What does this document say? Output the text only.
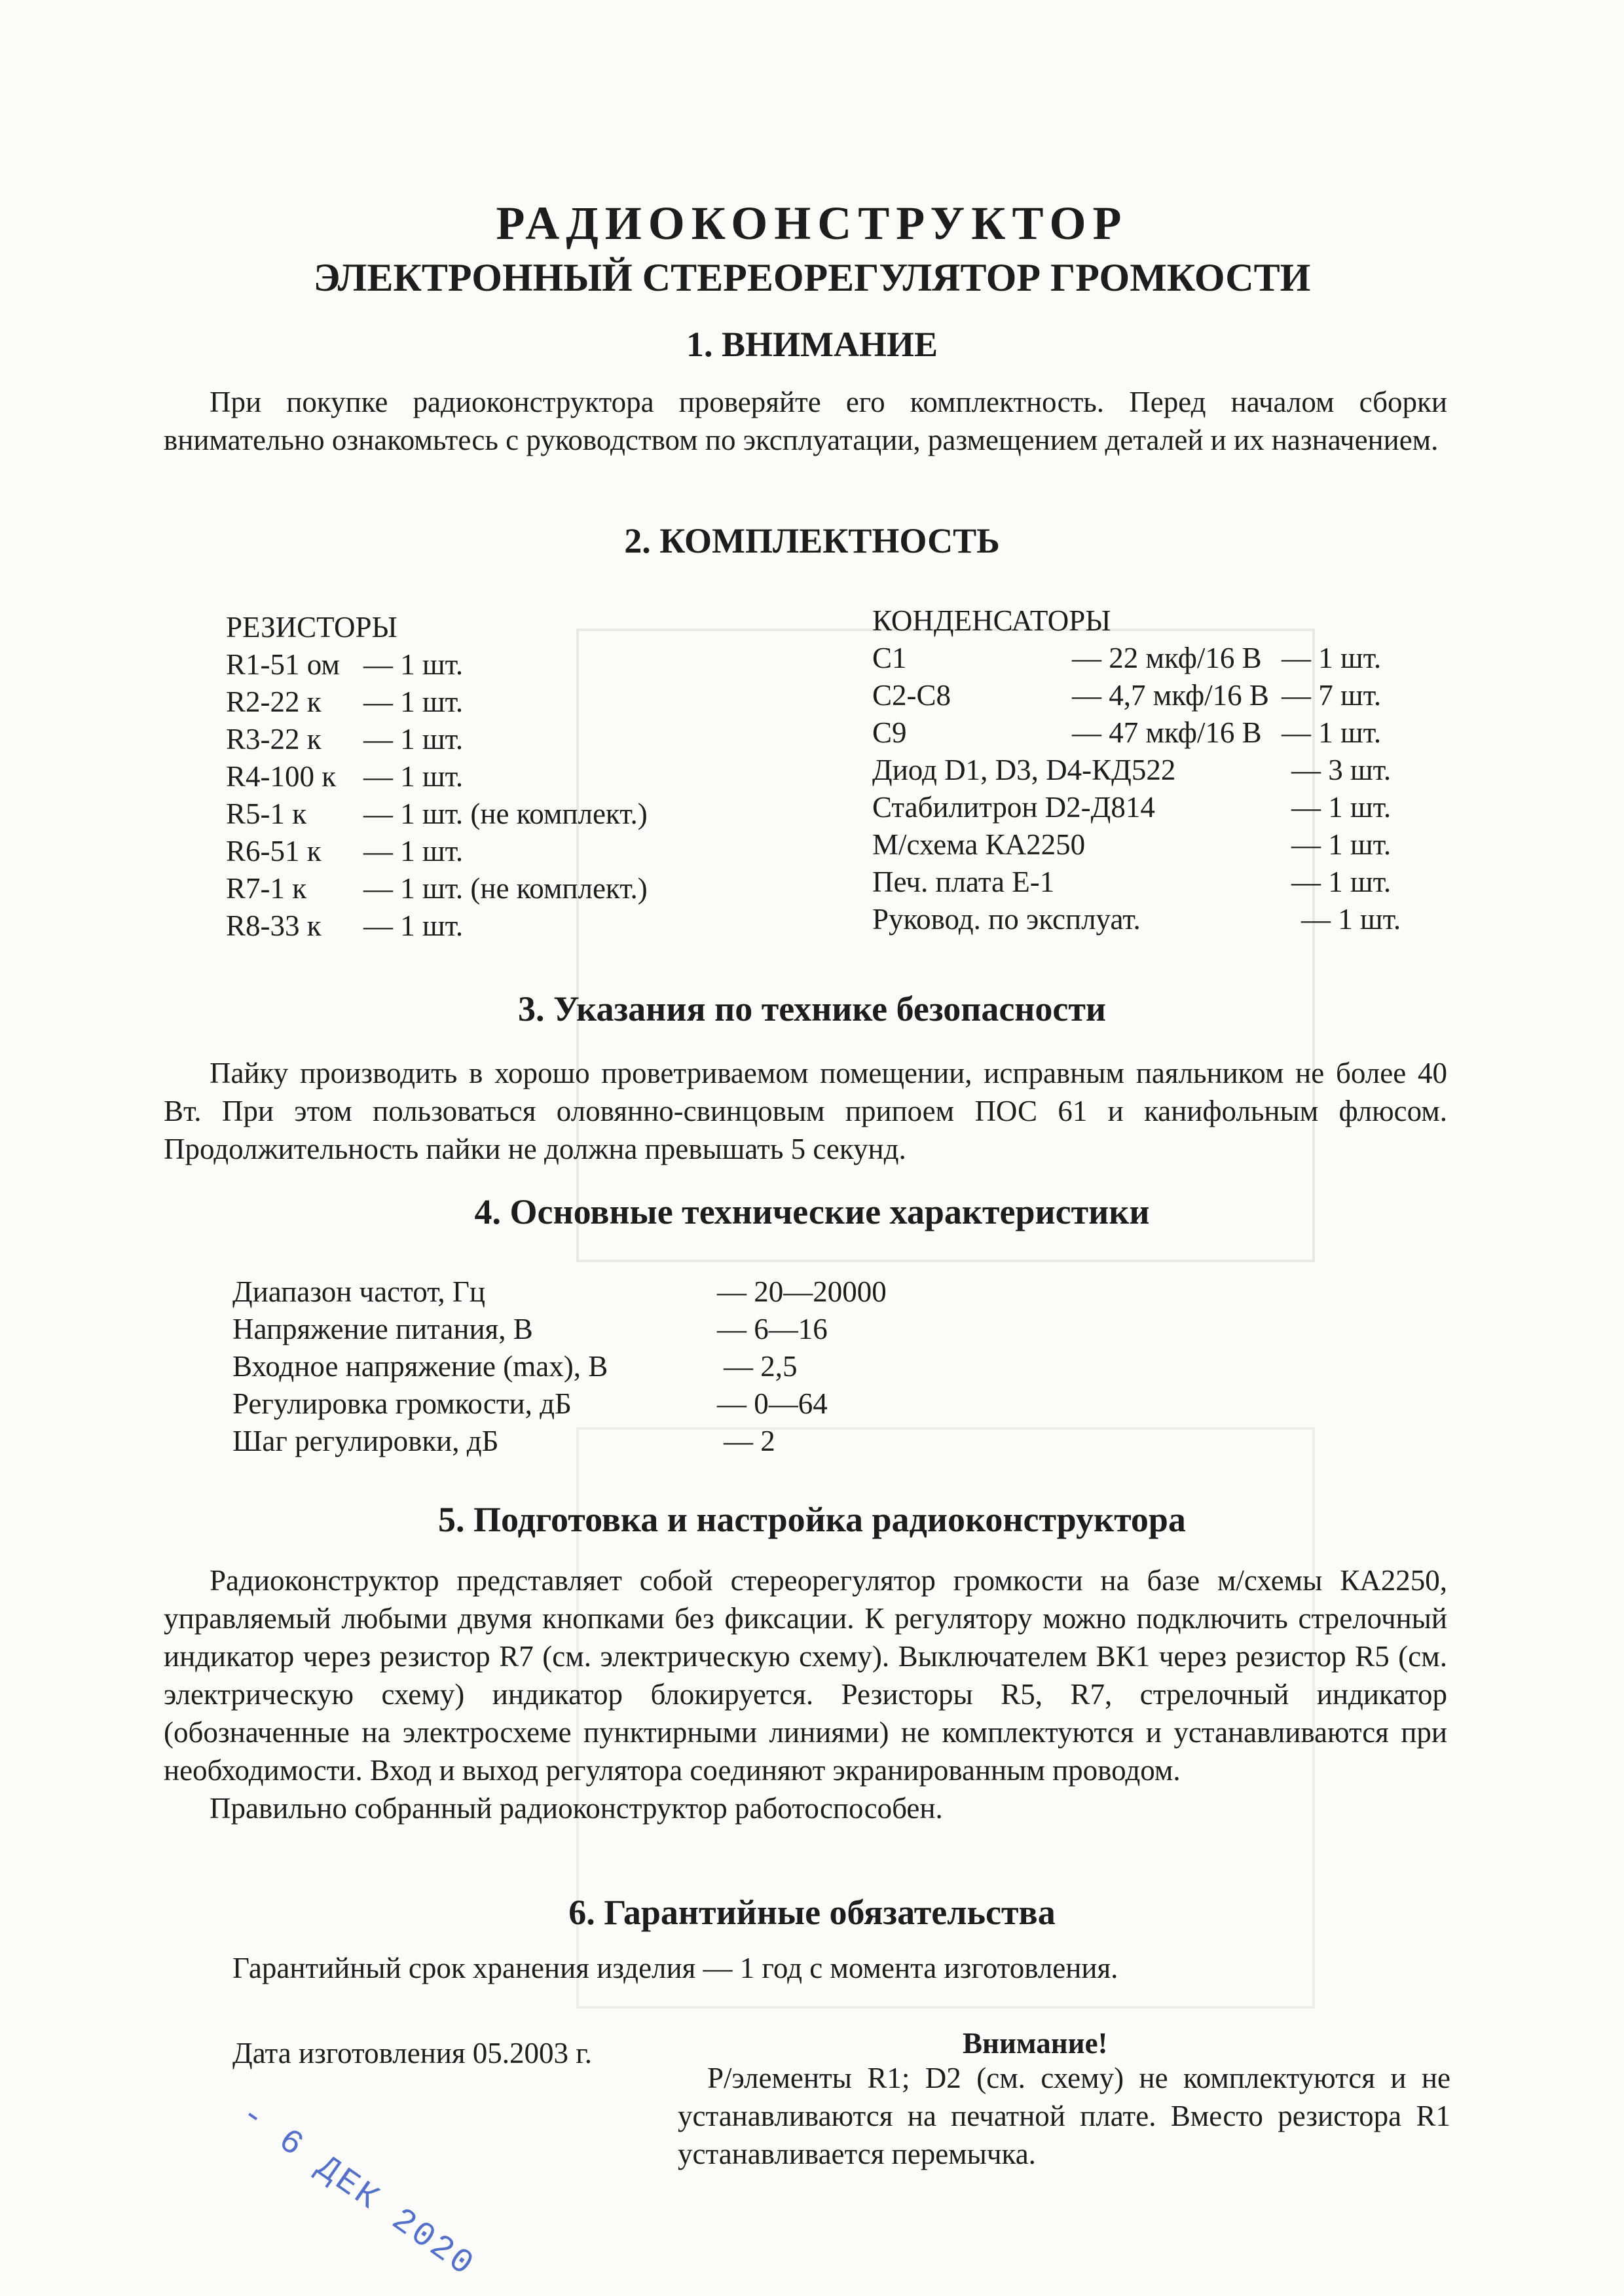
РАДИОКОНСТРУКТОР
ЭЛЕКТРОННЫЙ СТЕРЕОРЕГУЛЯТОР ГРОМКОСТИ
1. ВНИМАНИЕ

При покупке радиоконструктора проверяйте его комплектность. Перед началом сборки внимательно ознакомьтесь с руководством по эксплуатации, размещением деталей и их назначением.

2. КОМПЛЕКТНОСТЬ
РЕЗИСТОРЫ
R1-51 ом — 1 шт.
R2-22 к — 1 шт.
R3-22 к — 1 шт.
R4-100 к — 1 шт.
R5-1 к — 1 шт. (не комплект.)
R6-51 к — 1 шт.
R7-1 к — 1 шт. (не комплект.)
R8-33 к — 1 шт.
КОНДЕНСАТОРЫ
C1	— 22 мкф/16 В — 1 шт.
C2-C8	— 4,7 мкф/16 В — 7 шт.
C9	— 47 мкф/16 В — 1 шт.
Диод D1, D3, D4-КД522	— 3 шт.
Стабилитрон D2-Д814	— 1 шт.
М/схема КА2250	— 1 шт.
Печ. плата Е-1	— 1 шт.
Руковод. по эксплуат.	— 1 шт.
3. Указания по технике безопасности

Пайку производить в хорошо проветриваемом помещении, исправным паяльником не более 40 Вт. При этом пользоваться оловянно-свинцовым припоем ПОС 61 и канифольным флюсом. Продолжительность пайки не должна превышать 5 секунд.

4. Основные технические характеристики
Диапазон частот, Гц	— 20—20000
Напряжение питания, В	— 6—16
Входное напряжение (max), В	— 2,5
Регулировка громкости, дБ	— 0—64
Шаг регулировки, дБ	— 2
5. Подготовка и настройка радиоконструктора

Радиоконструктор представляет собой стереорегулятор громкости на базе м/схемы КА2250, управляемый любыми двумя кнопками без фиксации. К регулятору можно подключить стрелочный индикатор через резистор R7 (см. электрическую схему). Выключателем ВК1 через резистор R5 (см. электрическую схему) индикатор блокируется. Резисторы R5, R7, стрелочный индикатор (обозначенные на электросхеме пунктирными линиями) не комплектуются и устанавливаются при необходимости. Вход и выход регулятора соединяют экранированным проводом.

Правильно собранный радиоконструктор работоспособен.

6. Гарантийные обязательства
Гарантийный срок хранения изделия — 1 год с момента изготовления.
Дата изготовления 05.2003 г.
- 6 ДЕК 2020
Внимание!

Р/элементы R1; D2 (см. схему) не комплектуются и не устанавливаются на печатной плате. Вместо резистора R1 устанавливается перемычка.
